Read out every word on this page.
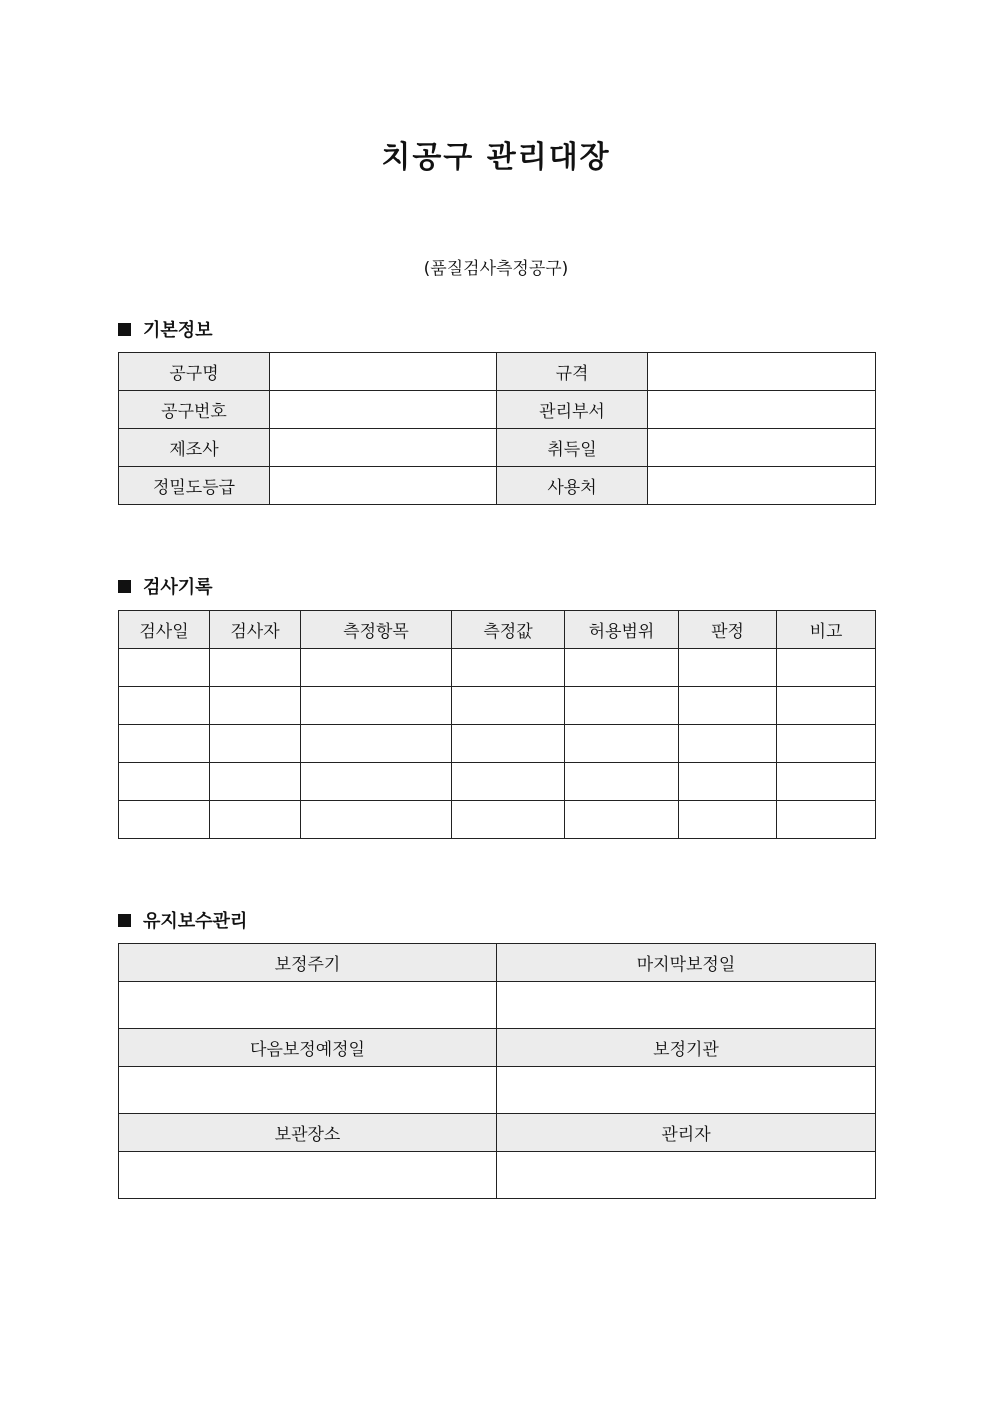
치공구 관리대장
(품질검사측정공구)
기본정보
공구명		규격	
공구번호		관리부서	
제조사		취득일	
정밀도등급		사용처	
검사기록
검사일	검사자	측정항목	측정값	허용범위	판정	비고

유지보수관리
보정주기	마지막보정일

다음보정예정일	보정기관

보관장소	관리자
